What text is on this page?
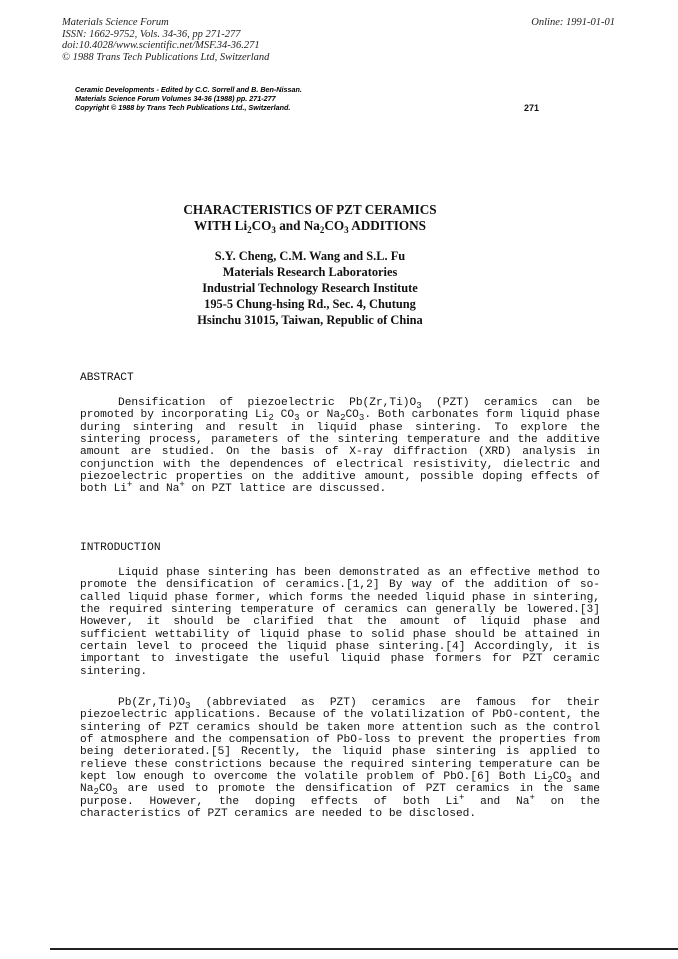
Materials Science Forum
ISSN: 1662-9752, Vols. 34-36, pp 271-277
doi:10.4028/www.scientific.net/MSF.34-36.271
© 1988 Trans Tech Publications Ltd, Switzerland
Online: 1991-01-01
Ceramic Developments - Edited by C.C. Sorrell and B. Ben-Nissan.
Materials Science Forum Volumes 34-36 (1988) pp. 271-277
Copyright © 1988 by Trans Tech Publications Ltd., Switzerland.	271
CHARACTERISTICS OF PZT CERAMICS
WITH $Li_2CO_3$ and $Na_2CO_3$ ADDITIONS
S.Y. Cheng, C.M. Wang and S.L. Fu
Materials Research Laboratories
Industrial Technology Research Institute
195-5 Chung-hsing Rd., Sec. 4, Chutung
Hsinchu 31015, Taiwan, Republic of China
ABSTRACT
Densification of piezoelectric $Pb(Zr,Ti)O_3$ (PZT) ceramics can be promoted by incorporating $Li_2$ $CO_3$ or $Na_2CO_3$. Both carbonates form liquid phase during sintering and result in liquid phase sintering. To explore the sintering process, parameters of the sintering temperature and the additive amount are studied. On the basis of X-ray diffraction (XRD) analysis in conjunction with the dependences of electrical resistivity, dielectric and piezoelectric properties on the additive amount, possible doping effects of both Li+ and Na+ on PZT lattice are discussed.
INTRODUCTION
Liquid phase sintering has been demonstrated as an effective method to promote the densification of ceramics.[1,2] By way of the addition of so-called liquid phase former, which forms the needed liquid phase in sintering, the required sintering temperature of ceramics can generally be lowered.[3] However, it should be clarified that the amount of liquid phase and sufficient wettability of liquid phase to solid phase should be attained in certain level to proceed the liquid phase sintering.[4] Accordingly, it is important to investigate the useful liquid phase formers for PZT ceramic sintering.
$Pb(Zr,Ti)O_3$ (abbreviated as PZT) ceramics are famous for their piezoelectric applications. Because of the volatilization of PbO-content, the sintering of PZT ceramics should be taken more attention such as the control of atmosphere and the compensation of PbO-loss to prevent the properties from being deteriorated.[5] Recently, the liquid phase sintering is applied to relieve these constrictions because the required sintering temperature can be kept low enough to overcome the volatile problem of PbO.[6] Both $Li_2CO_3$ and $Na_2CO_3$ are used to promote the densification of PZT ceramics in the same purpose. However, the doping effects of both Li+ and Na+ on the characteristics of PZT ceramics are needed to be disclosed.
